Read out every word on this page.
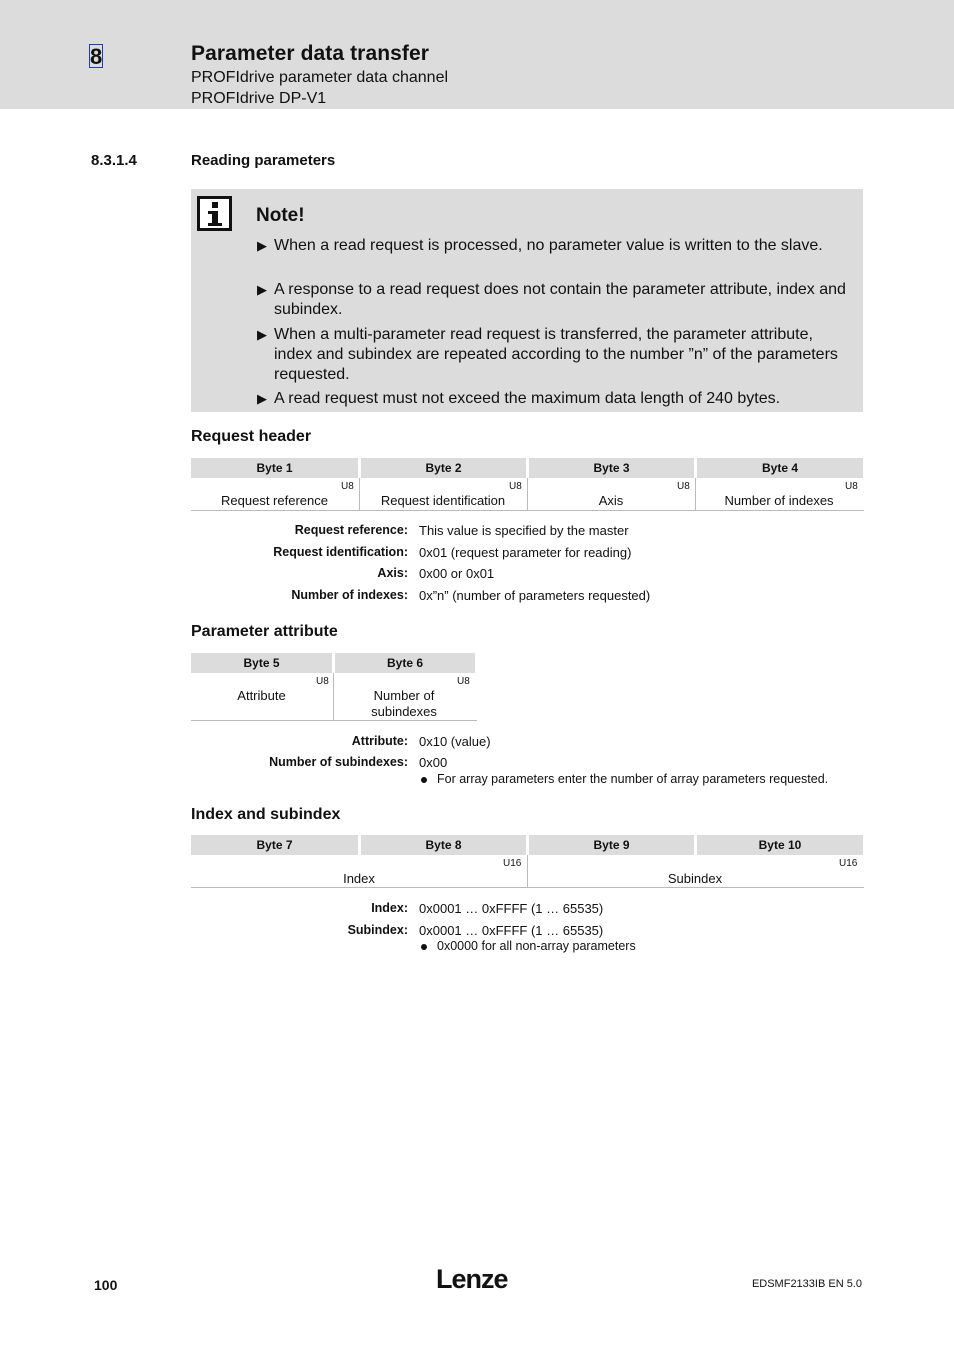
8	Parameter data transfer
PROFIdrive parameter data channel
PROFIdrive DP-V1
8.3.1.4	Reading parameters
Note!
▶ When a read request is processed, no parameter value is written to the slave.
▶ A response to a read request does not contain the parameter attribute, index and subindex.
▶ When a multi-parameter read request is transferred, the parameter attribute, index and subindex are repeated according to the number ”n” of the parameters requested.
▶ A read request must not exceed the maximum data length of 240 bytes.
Request header
Byte 1	Byte 2	Byte 3	Byte 4
U8	U8	U8	U8
Request reference	Request identification	Axis	Number of indexes
Request reference: This value is specified by the master
Request identification: 0x01 (request parameter for reading)
Axis: 0x00 or 0x01
Number of indexes: 0x”n” (number of parameters requested)
Parameter attribute
Byte 5	Byte 6
U8	U8
Attribute	Number of
subindexes
Attribute: 0x10 (value)
Number of subindexes: 0x00
For array parameters enter the number of array parameters requested.
Index and subindex
Byte 7	Byte 8	Byte 9	Byte 10
U16	U16
Index	Subindex
Index: 0x0001 … 0xFFFF (1 … 65535)
Subindex: 0x0001 … 0xFFFF (1 … 65535)
0x0000 for all non-array parameters
100	Lenze	EDSMF2133IB EN 5.0
